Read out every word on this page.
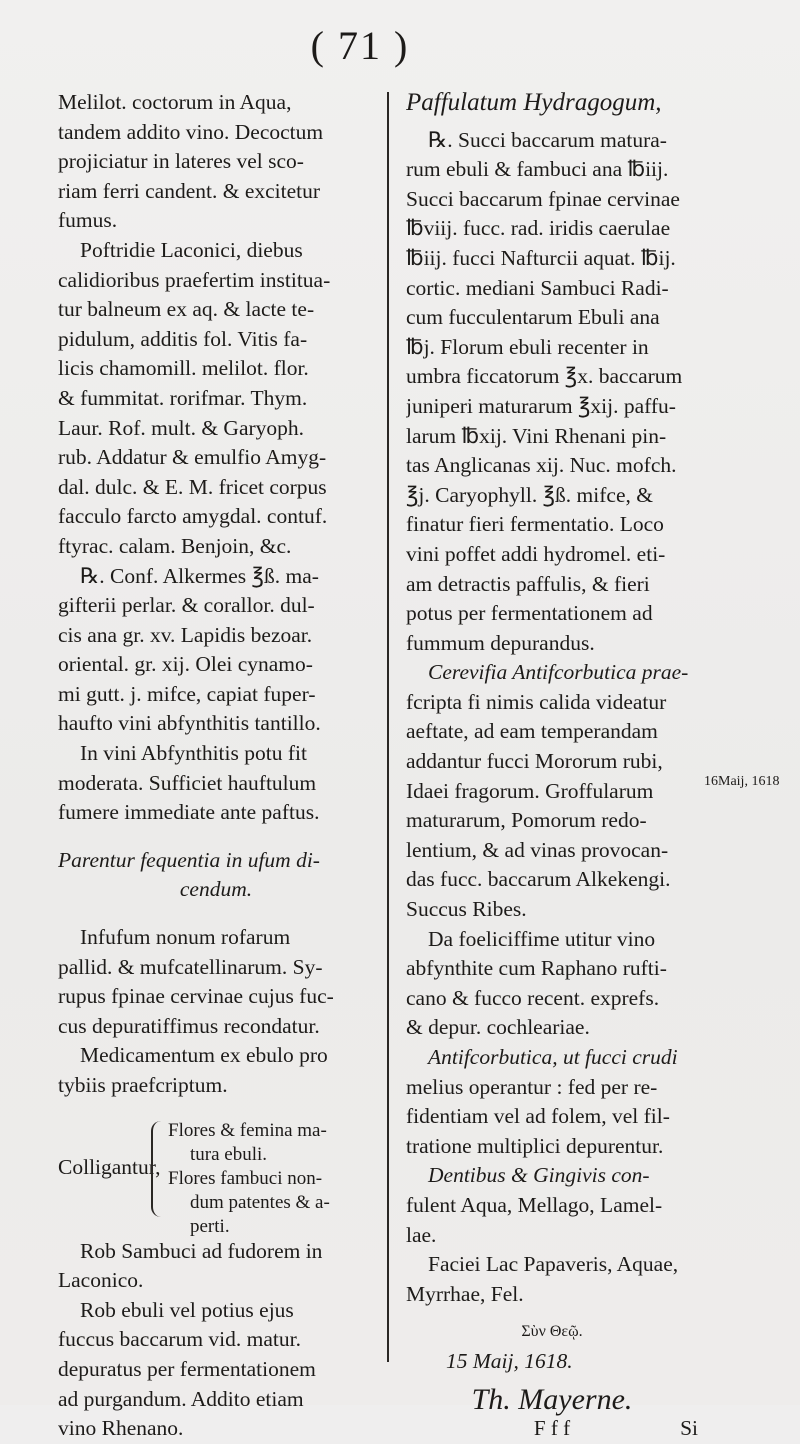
( 71 )
Melilot. coctorum in Aqua,
tandem addito vino. Decoctum
projiciatur in lateres vel sco-
riam ferri candent. & excitetur
fumus.
Poftridie Laconici, diebus
calidioribus praefertim institua-
tur balneum ex aq. & lacte te-
pidulum, additis fol. Vitis fa-
licis chamomill. melilot. flor.
& fummitat. rorifmar. Thym.
Laur. Rof. mult. & Garyoph.
rub. Addatur & emulfio Amyg-
dal. dulc. & E. M. fricet corpus
facculo farcto amygdal. contuf.
ftyrac. calam. Benjoin, &c.
℞. Conf. Alkermes ℥ß. ma-
gifterii perlar. & corallor. dul-
cis ana gr. xv. Lapidis bezoar.
oriental. gr. xij. Olei cynamo-
mi gutt. j. mifce, capiat fuper-
haufto vini abfynthitis tantillo.
In vini Abfynthitis potu fit
moderata. Sufficiet hauftulum
fumere immediate ante paftus.
Parentur fequentia in ufum di-
cendum.
Infufum nonum rofarum
pallid. & mufcatellinarum. Sy-
rupus fpinae cervinae cujus fuc-
cus depuratiffimus recondatur.
Medicamentum ex ebulo pro
tybiis praefcriptum.
Colligantur,
Flores & femina ma-
tura ebuli.
Flores fambuci non-
dum patentes & a-
perti.
Rob Sambuci ad fudorem in
Laconico.
Rob ebuli vel potius ejus
fuccus baccarum vid. matur.
depuratus per fermentationem
ad purgandum. Addito etiam
vino Rhenano.
Paffulatum Hydragogum,
℞. Succi baccarum matura-
rum ebuli & fambuci ana ℔iij.
Succi baccarum fpinae cervinae
℔viij. fucc. rad. iridis caerulae
℔iij. fucci Nafturcii aquat. ℔ij.
cortic. mediani Sambuci Radi-
cum fucculentarum Ebuli ana
℔j. Florum ebuli recenter in
umbra ficcatorum ℥x. baccarum
juniperi maturarum ℥xij. paffu-
larum ℔xij. Vini Rhenani pin-
tas Anglicanas xij. Nuc. mofch.
℥j. Caryophyll. ℥ß. mifce, &
finatur fieri fermentatio. Loco
vini poffet addi hydromel. eti-
am detractis paffulis, & fieri
potus per fermentationem ad
fummum depurandus.
Cerevifia Antifcorbutica prae-
fcripta fi nimis calida videatur
aeftate, ad eam temperandam
addantur fucci Mororum rubi,
Idaei fragorum. Groffularum
maturarum, Pomorum redo-
lentium, & ad vinas provocan-
das fucc. baccarum Alkekengi.
Succus Ribes.
Da foeliciffime utitur vino
abfynthite cum Raphano rufti-
cano & fucco recent. exprefs.
& depur. cochleariae.
Antifcorbutica, ut fucci crudi
melius operantur : fed per re-
fidentiam vel ad folem, vel fil-
tratione multiplici depurentur.
Dentibus & Gingivis con-
fulent Aqua, Mellago, Lamel-
lae.
Faciei Lac Papaveris, Aquae,
Myrrhae, Fel.
Σὺν Θεῷ.
15 Maij, 1618.
Th. Mayerne.
F f f	Si
16Maij, 1618
